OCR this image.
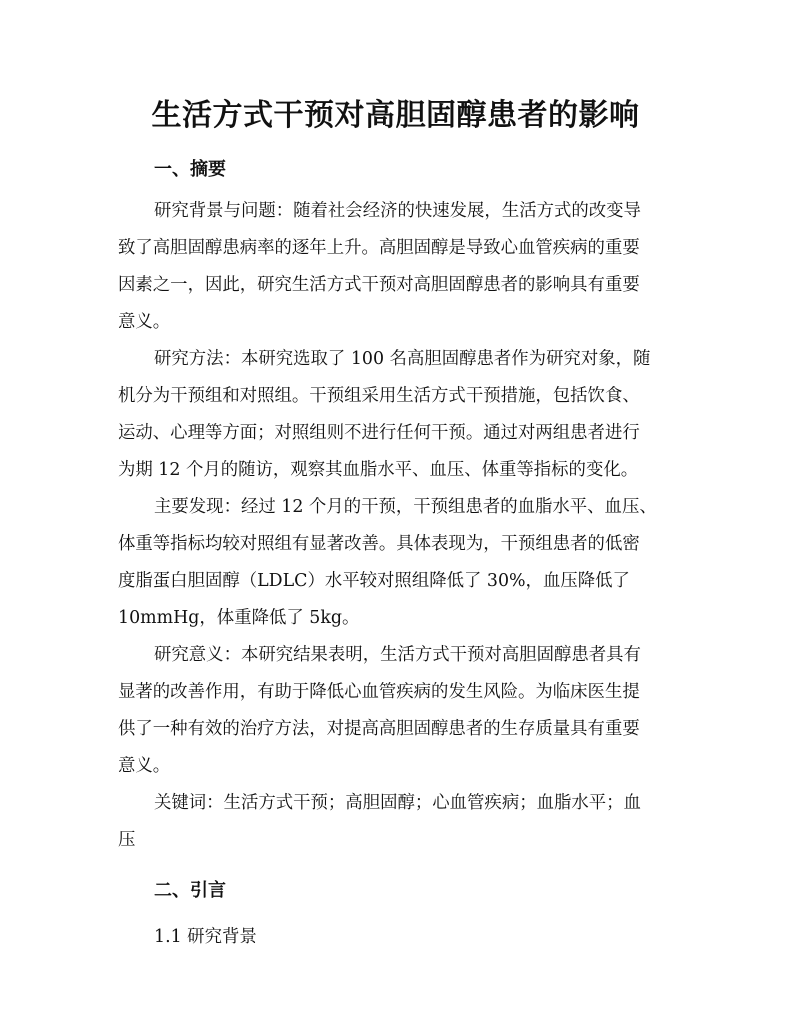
生活方式干预对高胆固醇患者的影响
一、摘要

研究背景与问题：随着社会经济的快速发展，生活方式的改变导
致了高胆固醇患病率的逐年上升。高胆固醇是导致心血管疾病的重要
因素之一，因此，研究生活方式干预对高胆固醇患者的影响具有重要
意义。

研究方法：本研究选取了 100 名高胆固醇患者作为研究对象，随
机分为干预组和对照组。干预组采用生活方式干预措施，包括饮食、
运动、心理等方面；对照组则不进行任何干预。通过对两组患者进行
为期 12 个月的随访，观察其血脂水平、血压、体重等指标的变化。

主要发现：经过 12 个月的干预，干预组患者的血脂水平、血压、
体重等指标均较对照组有显著改善。具体表现为，干预组患者的低密
度脂蛋白胆固醇（LDLC）水平较对照组降低了 30%，血压降低了
10mmHg，体重降低了 5kg。

研究意义：本研究结果表明，生活方式干预对高胆固醇患者具有
显著的改善作用，有助于降低心血管疾病的发生风险。为临床医生提
供了一种有效的治疗方法，对提高高胆固醇患者的生存质量具有重要
意义。

关键词：生活方式干预；高胆固醇；心血管疾病；血脂水平；血
压

二、引言

1.1 研究背景
